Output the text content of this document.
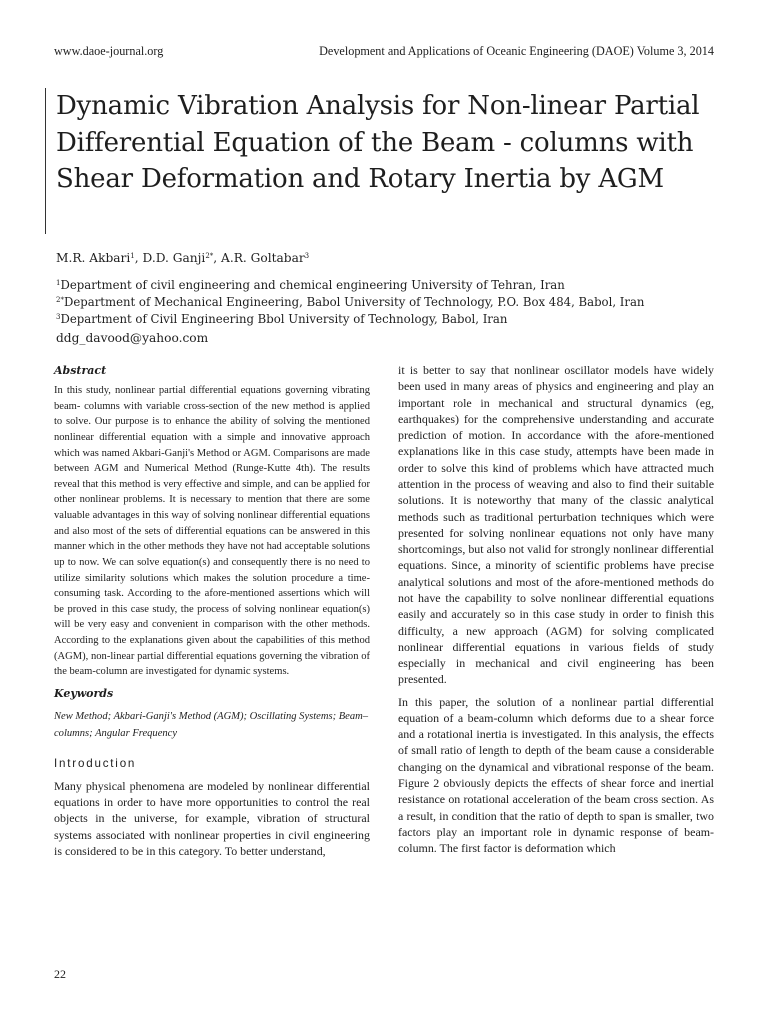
www.daoe-journal.org	Development and Applications of Oceanic Engineering (DAOE) Volume 3, 2014
Dynamic Vibration Analysis for Non-linear Partial Differential Equation of the Beam - columns with Shear Deformation and Rotary Inertia by AGM
M.R. Akbari$^1$, D.D. Ganji$^{2*}$, A.R. Goltabar$^3$
$^1$Department of civil engineering and chemical engineering University of Tehran, Iran
$^{2*}$Department of Mechanical Engineering, Babol University of Technology, P.O. Box 484, Babol, Iran
$^3$Department of Civil Engineering Bbol University of Technology, Babol, Iran
ddg_davood@yahoo.com
Abstract

In this study, nonlinear partial differential equations governing vibrating beam- columns with variable cross-section of the new method is applied to solve. Our purpose is to enhance the ability of solving the mentioned nonlinear differential equation with a simple and innovative approach which was named Akbari-Ganji's Method or AGM. Comparisons are made between AGM and Numerical Method (Runge-Kutte 4th). The results reveal that this method is very effective and simple, and can be applied for other nonlinear problems. It is necessary to mention that there are some valuable advantages in this way of solving nonlinear differential equations and also most of the sets of differential equations can be answered in this manner which in the other methods they have not had acceptable solutions up to now. We can solve equation(s) and consequently there is no need to utilize similarity solutions which makes the solution procedure a time-consuming task. According to the afore-mentioned assertions which will be proved in this case study, the process of solving nonlinear equation(s) will be very easy and convenient in comparison with the other methods. According to the explanations given about the capabilities of this method (AGM), non-linear partial differential equations governing the vibration of the beam-column are investigated for dynamic systems.

Keywords

New Method; Akbari-Ganji's Method (AGM); Oscillating Systems; Beam–columns; Angular Frequency

Introduction

Many physical phenomena are modeled by nonlinear differential equations in order to have more opportunities to control the real objects in the universe, for example, vibration of structural systems associated with nonlinear properties in civil engineering is considered to be in this category. To better understand,

it is better to say that nonlinear oscillator models have widely been used in many areas of physics and engineering and play an important role in mechanical and structural dynamics (eg, earthquakes) for the comprehensive understanding and accurate prediction of motion. In accordance with the afore-mentioned explanations like in this case study, attempts have been made in order to solve this kind of problems which have attracted much attention in the process of weaving and also to find their suitable solutions. It is noteworthy that many of the classic analytical methods such as traditional perturbation techniques which were presented for solving nonlinear equations not only have many shortcomings, but also not valid for strongly nonlinear differential equations. Since, a minority of scientific problems have precise analytical solutions and most of the afore-mentioned methods do not have the capability to solve nonlinear differential equations easily and accurately so in this case study in order to finish this difficulty, a new approach (AGM) for solving complicated nonlinear differential equations in various fields of study especially in mechanical and civil engineering has been presented.

In this paper, the solution of a nonlinear partial differential equation of a beam-column which deforms due to a shear force and a rotational inertia is investigated. In this analysis, the effects of small ratio of length to depth of the beam cause a considerable changing on the dynamical and vibrational response of the beam. Figure 2 obviously depicts the effects of shear force and inertial resistance on rotational acceleration of the beam cross section. As a result, in condition that the ratio of depth to span is smaller, two factors play an important role in dynamic response of beam-column. The first factor is deformation which

22
